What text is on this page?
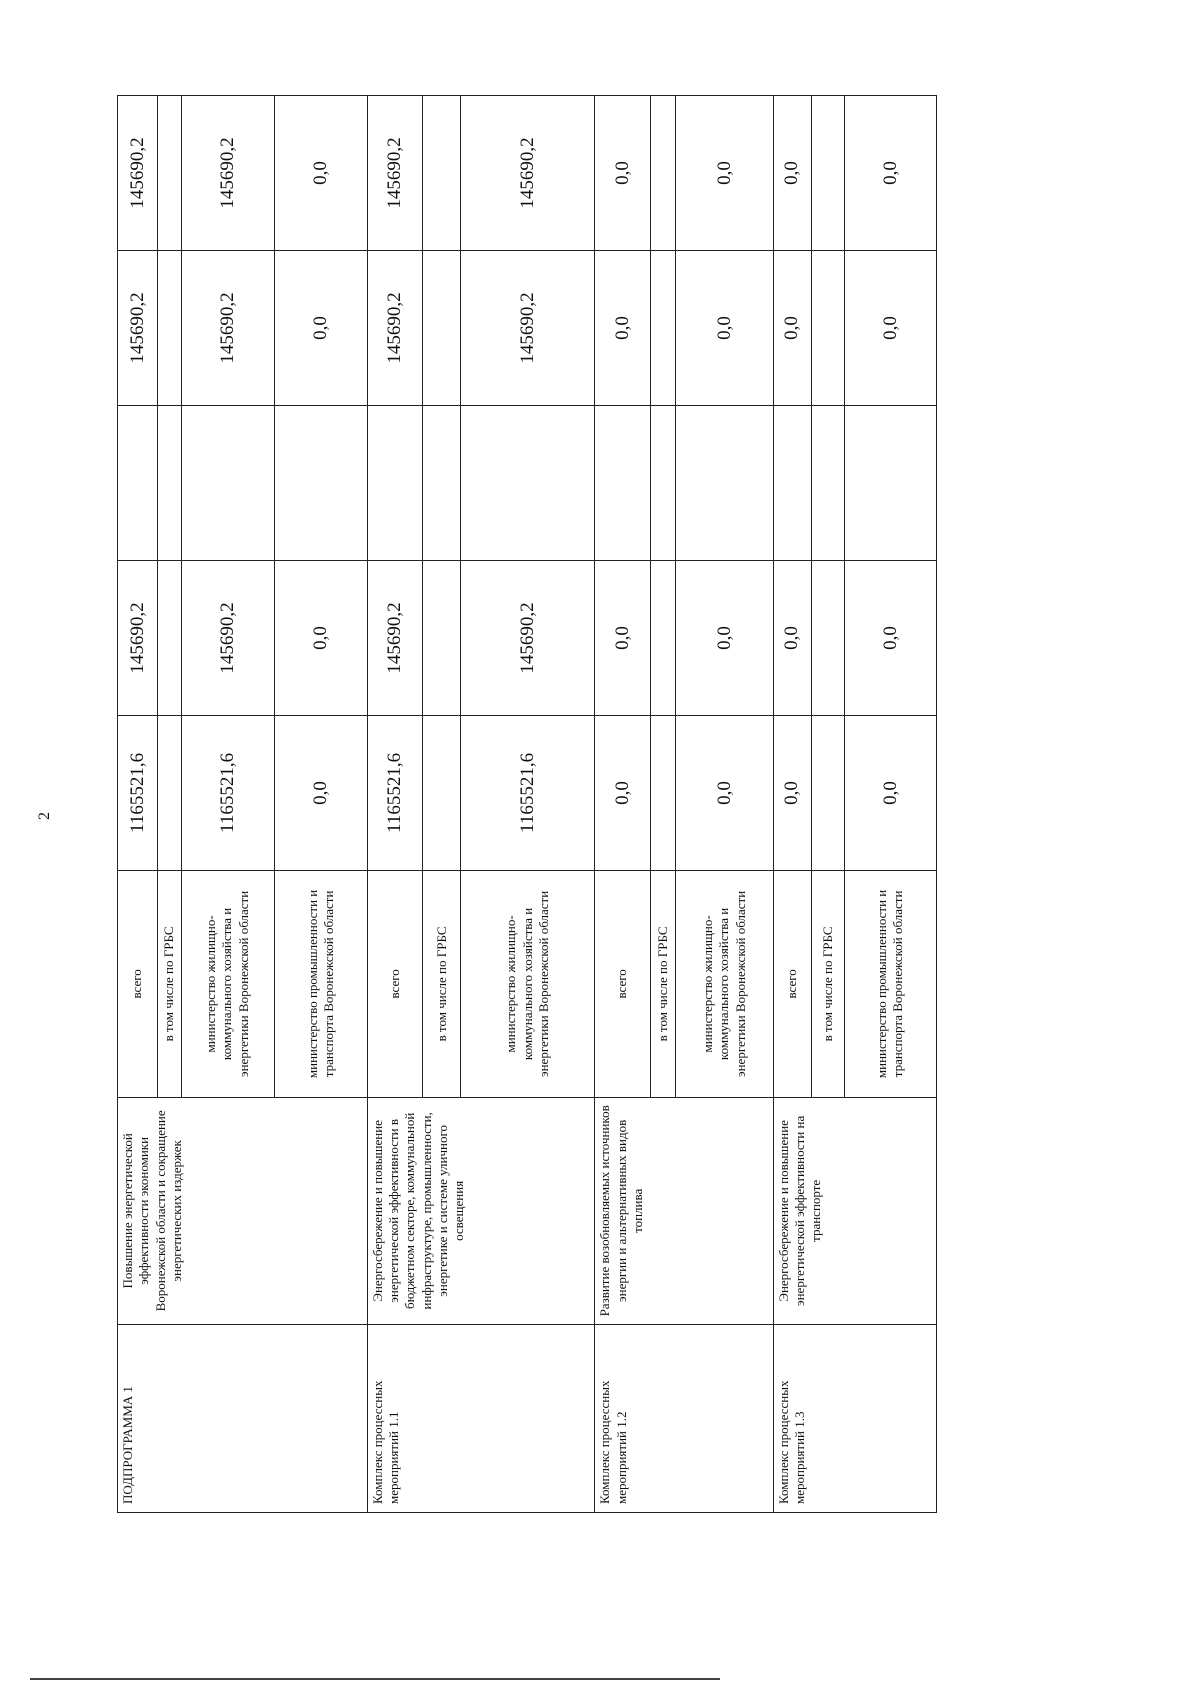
2
ПОДПРОГРАММА 1	Повышение энергетической эффективности экономики Воронежской области и сокращение энергетических издержек	всего	1165521,6	145690,2		145690,2	145690,2
		в том числе по ГРБС					
		министерство жилищно-коммунального хозяйства и энергетики Воронежской области	1165521,6	145690,2		145690,2	145690,2
		министерство промышленности и транспорта Воронежской области	0,0	0,0		0,0	0,0
Комплекс процессных мероприятий 1.1	Энергосбережение и повышение энергетической эффективности в бюджетном секторе, коммунальной инфраструктуре, промышленности, энергетике и системе уличного освещения	всего	1165521,6	145690,2		145690,2	145690,2
		в том числе по ГРБС					
		министерство жилищно-коммунального хозяйства и энергетики Воронежской области	1165521,6	145690,2		145690,2	145690,2
Комплекс процессных мероприятий 1.2	Развитие возобновляемых источников энергии и альтернативных видов топлива	всего	0,0	0,0		0,0	0,0
		в том числе по ГРБС					
		министерство жилищно-коммунального хозяйства и энергетики Воронежской области	0,0	0,0		0,0	0,0
Комплекс процессных мероприятий 1.3	Энергосбережение и повышение энергетической эффективности на транспорте	всего	0,0	0,0		0,0	0,0
		в том числе по ГРБС					
		министерство промышленности и транспорта Воронежской области	0,0	0,0		0,0	0,0
